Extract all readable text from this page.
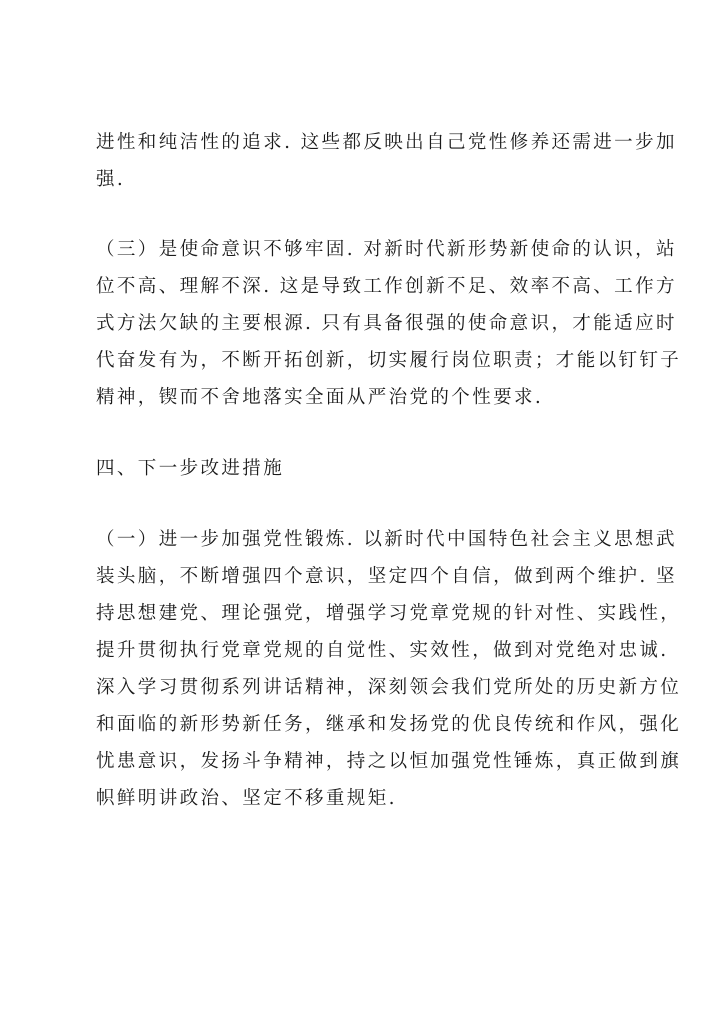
进性和纯洁性的追求. 这些都反映出自己党性修养还需进一步加
强.

（三）是使命意识不够牢固. 对新时代新形势新使命的认识，站
位不高、理解不深. 这是导致工作创新不足、效率不高、工作方
式方法欠缺的主要根源. 只有具备很强的使命意识，才能适应时
代奋发有为，不断开拓创新，切实履行岗位职责；才能以钉钉子
精神，锲而不舍地落实全面从严治党的个性要求.

四、下一步改进措施

（一）进一步加强党性锻炼. 以新时代中国特色社会主义思想武
装头脑，不断增强四个意识，坚定四个自信，做到两个维护. 坚
持思想建党、理论强党，增强学习党章党规的针对性、实践性，
提升贯彻执行党章党规的自觉性、实效性，做到对党绝对忠诚.
深入学习贯彻系列讲话精神，深刻领会我们党所处的历史新方位
和面临的新形势新任务，继承和发扬党的优良传统和作风，强化
忧患意识，发扬斗争精神，持之以恒加强党性锤炼，真正做到旗
帜鲜明讲政治、坚定不移重规矩.
